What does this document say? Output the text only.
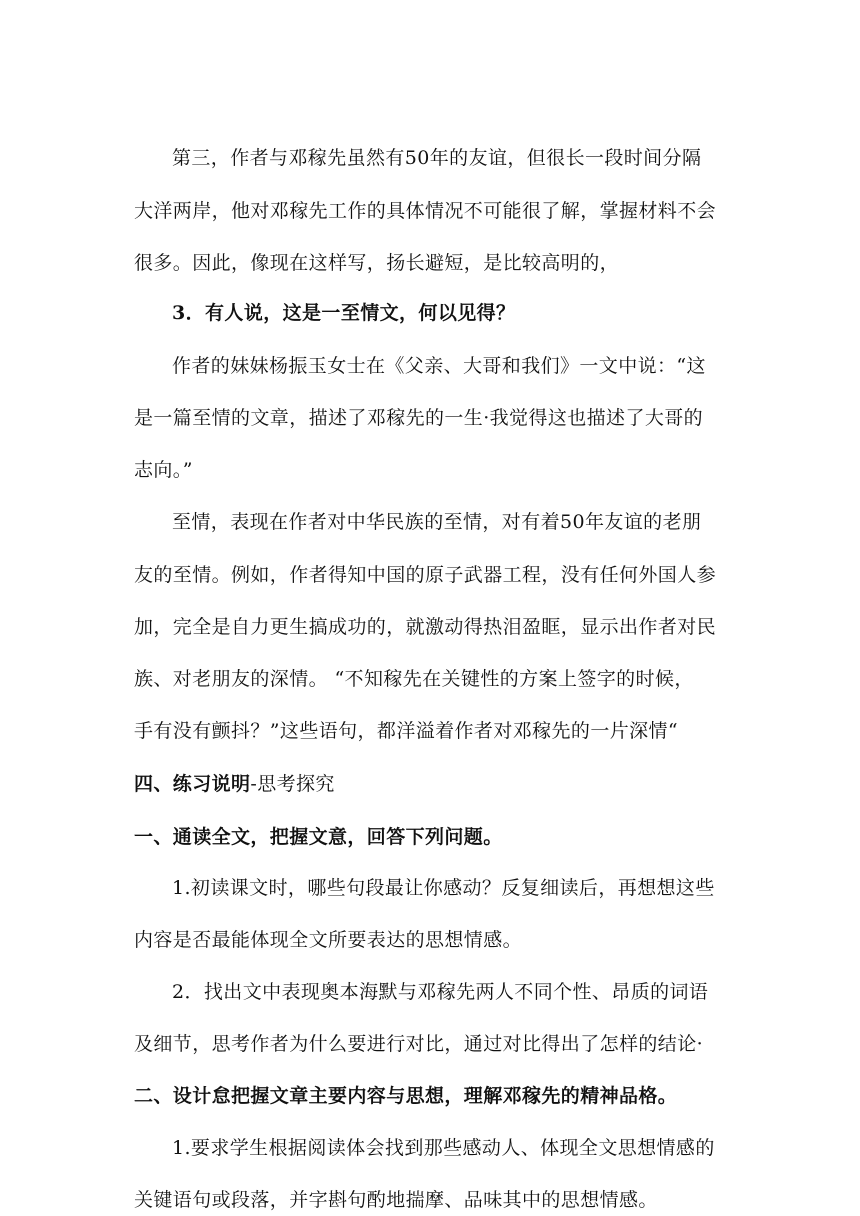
第三，作者与邓稼先虽然有50年的友谊，但很长一段时间分隔
大洋两岸，他对邓稼先工作的具体情况不可能很了解，掌握材料不会
很多。因此，像现在这样写，扬长避短，是比较高明的，
3．有人说，这是一至情文，何以见得？
作者的妹妹杨振玉女士在《父亲、大哥和我们》一文中说：“这
是一篇至情的文章，描述了邓稼先的一生·我觉得这也描述了大哥的
志向。”
至情，表现在作者对中华民族的至情，对有着50年友谊的老朋
友的至情。例如，作者得知中国的原子武器工程，没有任何外国人参
加，完全是自力更生搞成功的，就激动得热泪盈眶，显示出作者对民
族、对老朋友的深情。 “不知稼先在关键性的方案上签字的时候，
手有没有颤抖？”这些语句，都洋溢着作者对邓稼先的一片深情“
四、练习说明-思考探究
一、通读全文，把握文意，回答下列问题。
1.初读课文时，哪些句段最让你感动？反复细读后，再想想这些
内容是否最能体现全文所要表达的思想情感。
2．找出文中表现奥本海默与邓稼先两人不同个性、昂质的词语
及细节，思考作者为什么要进行对比，通过对比得出了怎样的结论·
二、设计怠把握文章主要内容与思想，理解邓稼先的精神品格。
1.要求学生根据阅读体会找到那些感动人、体现全文思想情感的
关键语句或段落，并字斟句酌地揣摩、品味其中的思想情感。
